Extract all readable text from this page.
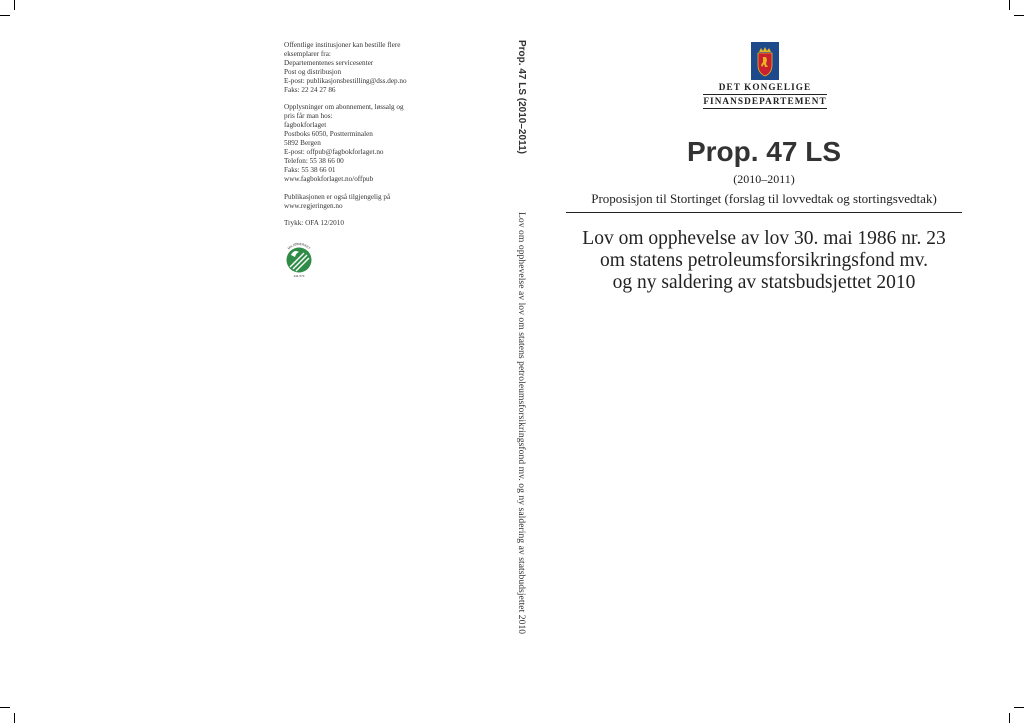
Offentlige institusjoner kan bestille flere

eksemplarer fra:

Departementenes servicesenter

Post og distribusjon

E-post: publikasjonsbestilling@dss.dep.no

Faks: 22 24 27 86

Opplysninger om abonnement, løssalg og

pris får man hos:

fagbokforlaget

Postboks 6050, Postterminalen

5892 Bergen

E-post: offpub@fagbokforlaget.no

Telefon: 55 38 66 00

Faks: 55 38 66 01

www.fagbokforlaget.no/offpub

Publikasjonen er også tilgjengelig på

www.regjeringen.no

Trykk: OFA 12/2010

MILJØMERKET
241 673
Prop. 47 LS (2010–2011)
Lov om opphevelse av lov om statens petroleumsforsikringsfond mv. og ny saldering av statsbudsjettet 2010
DET KONGELIGE
FINANSDEPARTEMENT
Prop. 47 LS
(2010–2011)
Proposisjon til Stortinget (forslag til lovvedtak og stortingsvedtak)
Lov om opphevelse av lov 30. mai 1986 nr. 23
om statens petroleumsforsikringsfond mv.
og ny saldering av statsbudsjettet 2010
